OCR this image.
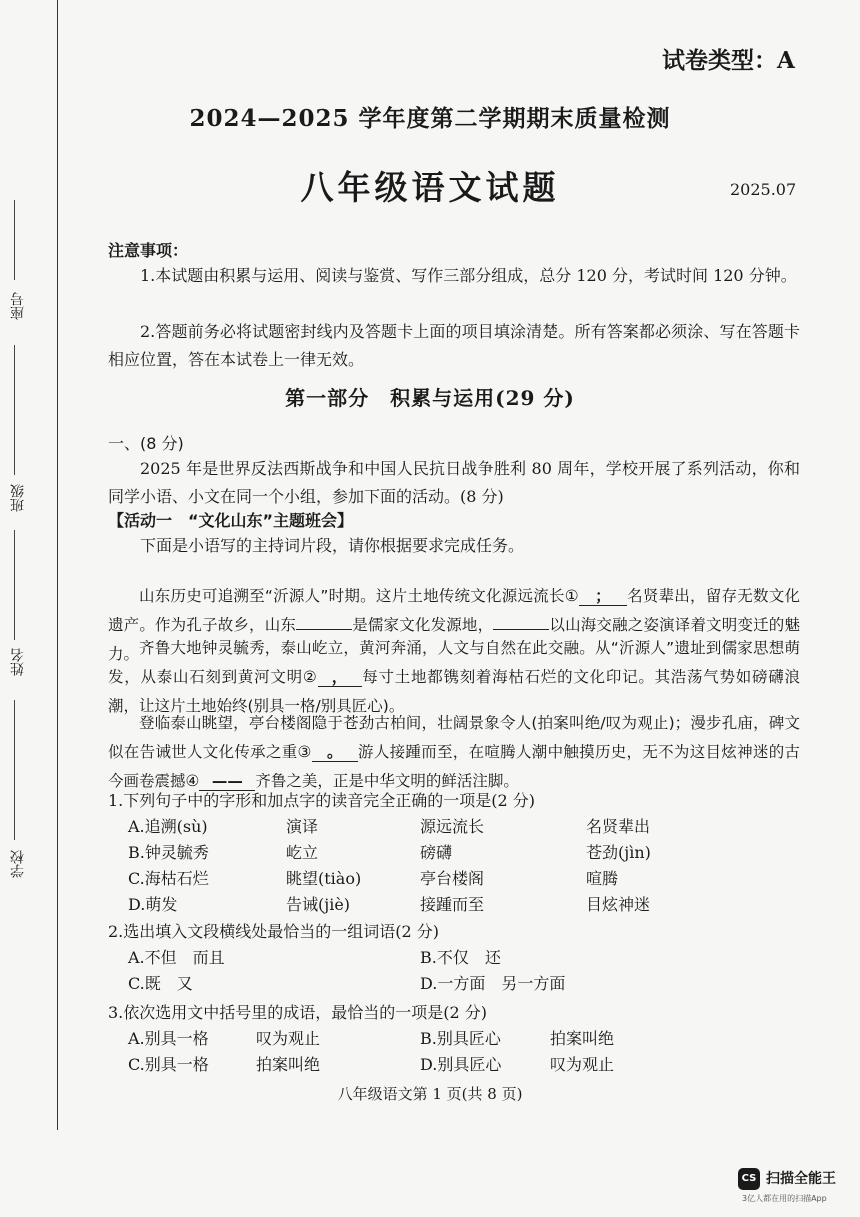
座号
班级
姓名
学校
试卷类型：A
2024—2025 学年度第二学期期末质量检测
八年级语文试题	2025.07
注意事项：
1.本试题由积累与运用、阅读与鉴赏、写作三部分组成，总分 120 分，考试时间 120 分钟。
2.答题前务必将试题密封线内及答题卡上面的项目填涂清楚。所有答案都必须涂、写在答题卡相应位置，答在本试卷上一律无效。
第一部分　积累与运用(29 分)
一、(8 分)
2025 年是世界反法西斯战争和中国人民抗日战争胜利 80 周年，学校开展了系列活动，你和同学小语、小文在同一个小组，参加下面的活动。(8 分)
【活动一　“文化山东”主题班会】
下面是小语写的主持词片段，请你根据要求完成任务。
山东历史可追溯至“沂源人”时期。这片土地传统文化源远流长① ； 名贤辈出，留存无数文化遗产。作为孔子故乡，山东	是儒家文化发源地，	以山海交融之姿演译着文明变迁的魅力。 齐鲁大地钟灵毓秀，泰山屹立，黄河奔涌，人文与自然在此交融。从“沂源人”遗址到儒家思想萌发，从泰山石刻到黄河文明② ， 每寸土地都镌刻着海枯石烂的文化印记。其浩荡气势如磅礴浪潮，让这片土地始终(别具一格/别具匠心)。
登临泰山眺望，亭台楼阁隐于苍劲古柏间，壮阔景象令人(拍案叫绝/叹为观止)；漫步孔庙，碑文似在告诫世人文化传承之重③ 。 游人接踵而至，在喧腾人潮中触摸历史，无不为这目炫神迷的古今画卷震撼④ —— 齐鲁之美，正是中华文明的鲜活注脚。
1.下列句子中的字形和加点字的读音完全正确的一项是(2 分)
A.追溯(sù)	演译	源远流长	名贤辈出
B.钟灵毓秀	屹立	磅礴	苍劲(jìn)
C.海枯石烂	眺望(tiào)	亭台楼阁	喧腾
D.萌发	告诫(jiè)	接踵而至	目炫神迷
2.选出填入文段横线处最恰当的一组词语(2 分)
A.不但　而且	B.不仅　还
C.既　又	D.一方面　另一方面
3.依次选用文中括号里的成语，最恰当的一项是(2 分)
A.别具一格	叹为观止	B.别具匠心	拍案叫绝
C.别具一格	拍案叫绝	D.别具匠心	叹为观止
八年级语文第 1 页(共 8 页)
CS 扫描全能王
3亿人都在用的扫描App
